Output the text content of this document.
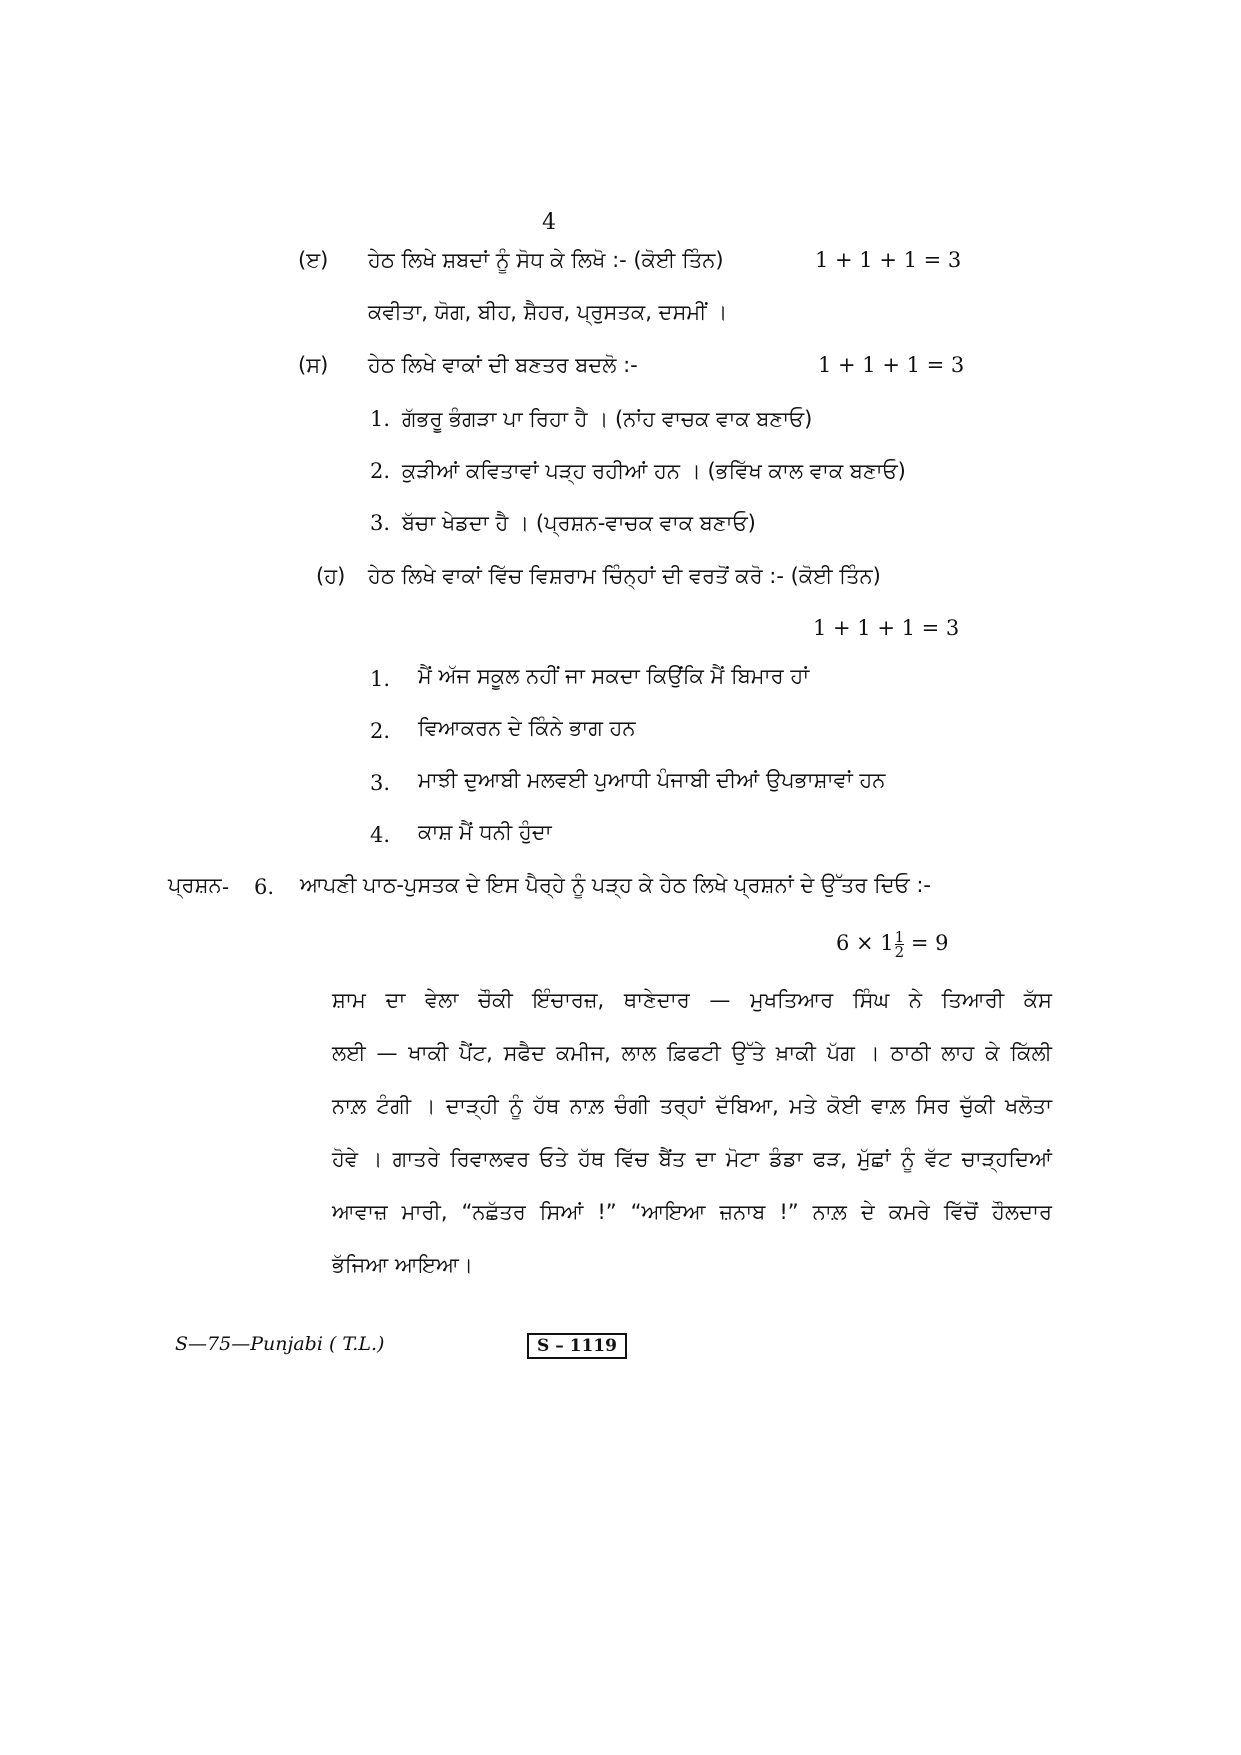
4
(ੲ) ਹੇਠ ਲਿਖੇ ਸ਼ਬਦਾਂ ਨੂੰ ਸੋਧ ਕੇ ਲਿਖੋ :- (ਕੋਈ ਤਿੰਨ)	1 + 1 + 1 = 3
ਕਵੀਤਾ, ਯੋਗ, ਬੀਹ, ਸ਼ੈਹਰ, ਪ੍ਰੁਸਤਕ, ਦਸਮੀਂ ।
(ਸ) ਹੇਠ ਲਿਖੇ ਵਾਕਾਂ ਦੀ ਬਣਤਰ ਬਦਲੋ :-	1 + 1 + 1 = 3
1. ਗੱਭਰੂ ਭੰਗੜਾ ਪਾ ਰਿਹਾ ਹੈ । (ਨਾਂਹ ਵਾਚਕ ਵਾਕ ਬਣਾਓ)
2. ਕੁੜੀਆਂ ਕਵਿਤਾਵਾਂ ਪੜ੍ਹ ਰਹੀਆਂ ਹਨ । (ਭਵਿੱਖ ਕਾਲ ਵਾਕ ਬਣਾਓ)
3. ਬੱਚਾ ਖੇਡਦਾ ਹੈ । (ਪ੍ਰਸ਼ਨ-ਵਾਚਕ ਵਾਕ ਬਣਾਓ)
(ਹ) ਹੇਠ ਲਿਖੇ ਵਾਕਾਂ ਵਿੱਚ ਵਿਸ਼ਰਾਮ ਚਿੰਨ੍ਹਾਂ ਦੀ ਵਰਤੋਂ ਕਰੋ :- (ਕੋਈ ਤਿੰਨ)
1 + 1 + 1 = 3
1. ਮੈਂ ਅੱਜ ਸਕੂਲ ਨਹੀਂ ਜਾ ਸਕਦਾ ਕਿਉਂਕਿ ਮੈਂ ਬਿਮਾਰ ਹਾਂ
2. ਵਿਆਕਰਨ ਦੇ ਕਿੰਨੇ ਭਾਗ ਹਨ
3. ਮਾਝੀ ਦੁਆਬੀ ਮਲਵਈ ਪੁਆਧੀ ਪੰਜਾਬੀ ਦੀਆਂ ਉਪਭਾਸ਼ਾਵਾਂ ਹਨ
4. ਕਾਸ਼ ਮੈਂ ਧਨੀ ਹੁੰਦਾ
ਪ੍ਰਸ਼ਨ - 6. ਆਪਣੀ ਪਾਠ-ਪੁਸਤਕ ਦੇ ਇਸ ਪੈਰ੍ਹੇ ਨੂੰ ਪੜ੍ਹ ਕੇ ਹੇਠ ਲਿਖੇ ਪ੍ਰਸ਼ਨਾਂ ਦੇ ਉੱਤਰ ਦਿਓ :-
$6 \times 1 \frac{1}{2} = 9$
ਸ਼ਾਮ ਦਾ ਵੇਲਾ ਚੌਕੀ ਇੰਚਾਰਜ਼, ਥਾਣੇਦਾਰ — ਮੁਖਤਿਆਰ ਸਿੰਘ ਨੇ ਤਿਆਰੀ ਕੱਸ
ਲਈ — ਖਾਕੀ ਪੈਂਟ, ਸਫੈਦ ਕਮੀਜ, ਲਾਲ ਫ਼ਿਫਟੀ ਉੱਤੇ ਖ਼ਾਕੀ ਪੱਗ । ਠਾਠੀ ਲਾਹ ਕੇ ਕਿੱਲੀ
ਨਾਲ਼ ਟੰਗੀ । ਦਾੜ੍ਹੀ ਨੂੰ ਹੱਥ ਨਾਲ਼ ਚੰਗੀ ਤਰ੍ਹਾਂ ਦੱਬਿਆ, ਮਤੇ ਕੋਈ ਵਾਲ਼ ਸਿਰ ਚੁੱਕੀ ਖਲੋਤਾ
ਹੋਵੇ । ਗਾਤਰੇ ਰਿਵਾਲਵਰ ਓਤੇ ਹੱਥ ਵਿੱਚ ਬੈਂਤ ਦਾ ਮੋਟਾ ਡੰਡਾ ਫੜ, ਮੁੱਛਾਂ ਨੂੰ ਵੱਟ ਚਾੜ੍ਹਦਿਆਂ
ਆਵਾਜ਼ ਮਾਰੀ, “ਨਛੱਤਰ ਸਿਆਂ !” “ਆਇਆ ਜ਼ਨਾਬ !” ਨਾਲ਼ ਦੇ ਕਮਰੇ ਵਿੱਚੋਂ ਹੌਲਦਾਰ
ਭੱਜਿਆ ਆਇਆ।
S—75—Punjabi ( T.L.)	S – 1119
